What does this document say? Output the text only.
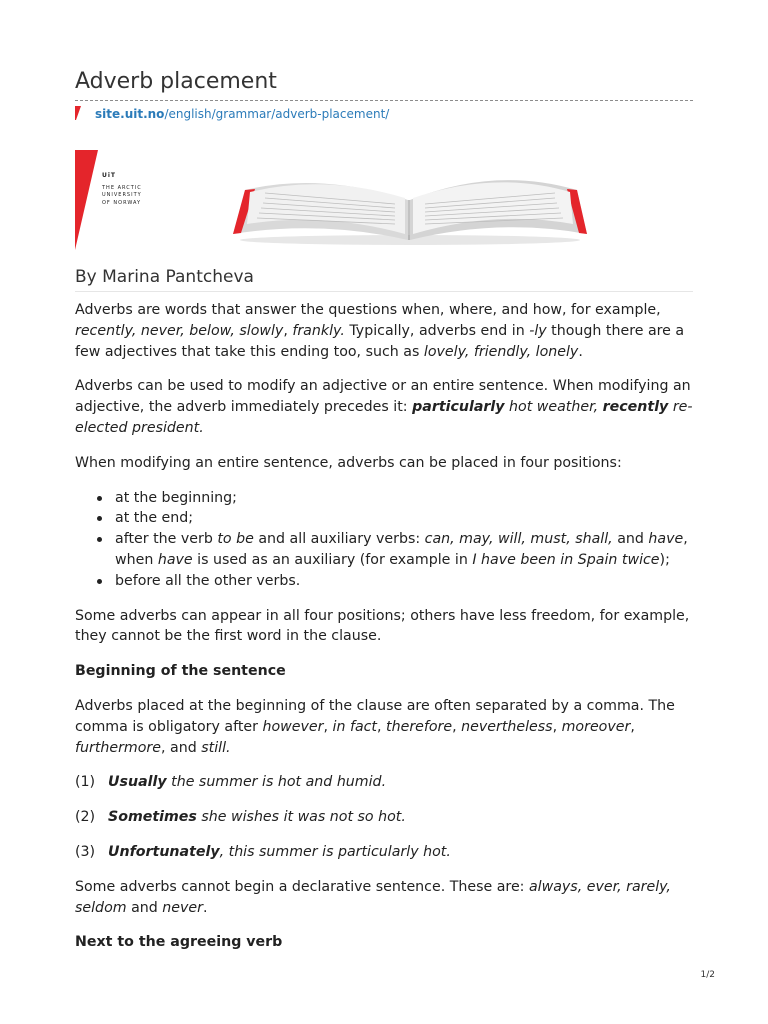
Adverb placement
site.uit.no /english/grammar/adverb-placement/
UiT
THE ARCTIC
UNIVERSITY
OF NORWAY
By Marina Pantcheva

Adverbs are words that answer the questions when, where, and how, for example, recently, never, below, slowly, frankly. Typically, adverbs end in -ly though there are a few adjectives that take this ending too, such as lovely, friendly, lonely.

Adverbs can be used to modify an adjective or an entire sentence. When modifying an adjective, the adverb immediately precedes it: particularly hot weather, recently re-elected president.

When modifying an entire sentence, adverbs can be placed in four positions:

at the beginning;
at the end;
after the verb to be and all auxiliary verbs: can, may, will, must, shall, and have, when have is used as an auxiliary (for example in I have been in Spain twice);
before all the other verbs.

Some adverbs can appear in all four positions; others have less freedom, for example, they cannot be the first word in the clause.

Beginning of the sentence

Adverbs placed at the beginning of the clause are often separated by a comma. The comma is obligatory after however, in fact, therefore, nevertheless, moreover, furthermore, and still.

(1) Usually the summer is hot and humid.
(2) Sometimes she wishes it was not so hot.
(3) Unfortunately, this summer is particularly hot.

Some adverbs cannot begin a declarative sentence. These are: always, ever, rarely, seldom and never.

Next to the agreeing verb
1/2
